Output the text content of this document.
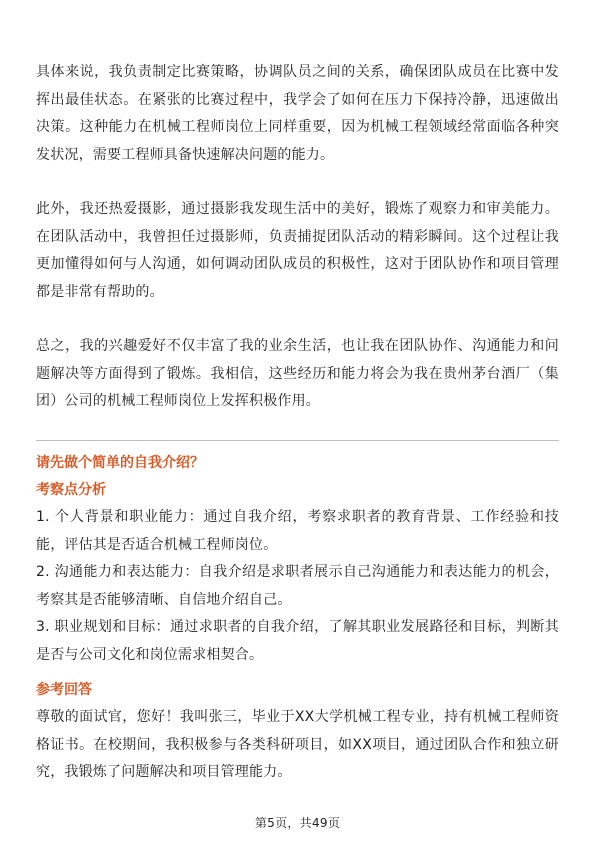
具体来说，我负责制定比赛策略，协调队员之间的关系，确保团队成员在比赛中发挥出最佳状态。在紧张的比赛过程中，我学会了如何在压力下保持冷静，迅速做出决策。这种能力在机械工程师岗位上同样重要，因为机械工程领域经常面临各种突发状况，需要工程师具备快速解决问题的能力。

此外，我还热爱摄影，通过摄影我发现生活中的美好，锻炼了观察力和审美能力。在团队活动中，我曾担任过摄影师，负责捕捉团队活动的精彩瞬间。这个过程让我更加懂得如何与人沟通，如何调动团队成员的积极性，这对于团队协作和项目管理都是非常有帮助的。

总之，我的兴趣爱好不仅丰富了我的业余生活，也让我在团队协作、沟通能力和问题解决等方面得到了锻炼。我相信，这些经历和能力将会为我在贵州茅台酒厂（集团）公司的机械工程师岗位上发挥积极作用。

请先做个简单的自我介绍？

考察点分析

1. 个人背景和职业能力：通过自我介绍，考察求职者的教育背景、工作经验和技能，评估其是否适合机械工程师岗位。

2. 沟通能力和表达能力：自我介绍是求职者展示自己沟通能力和表达能力的机会，考察其是否能够清晰、自信地介绍自己。

3. 职业规划和目标：通过求职者的自我介绍，了解其职业发展路径和目标，判断其是否与公司文化和岗位需求相契合。

参考回答

尊敬的面试官，您好！我叫张三，毕业于XX大学机械工程专业，持有机械工程师资格证书。在校期间，我积极参与各类科研项目，如XX项目，通过团队合作和独立研究，我锻炼了问题解决和项目管理能力。

第5页，共49页
